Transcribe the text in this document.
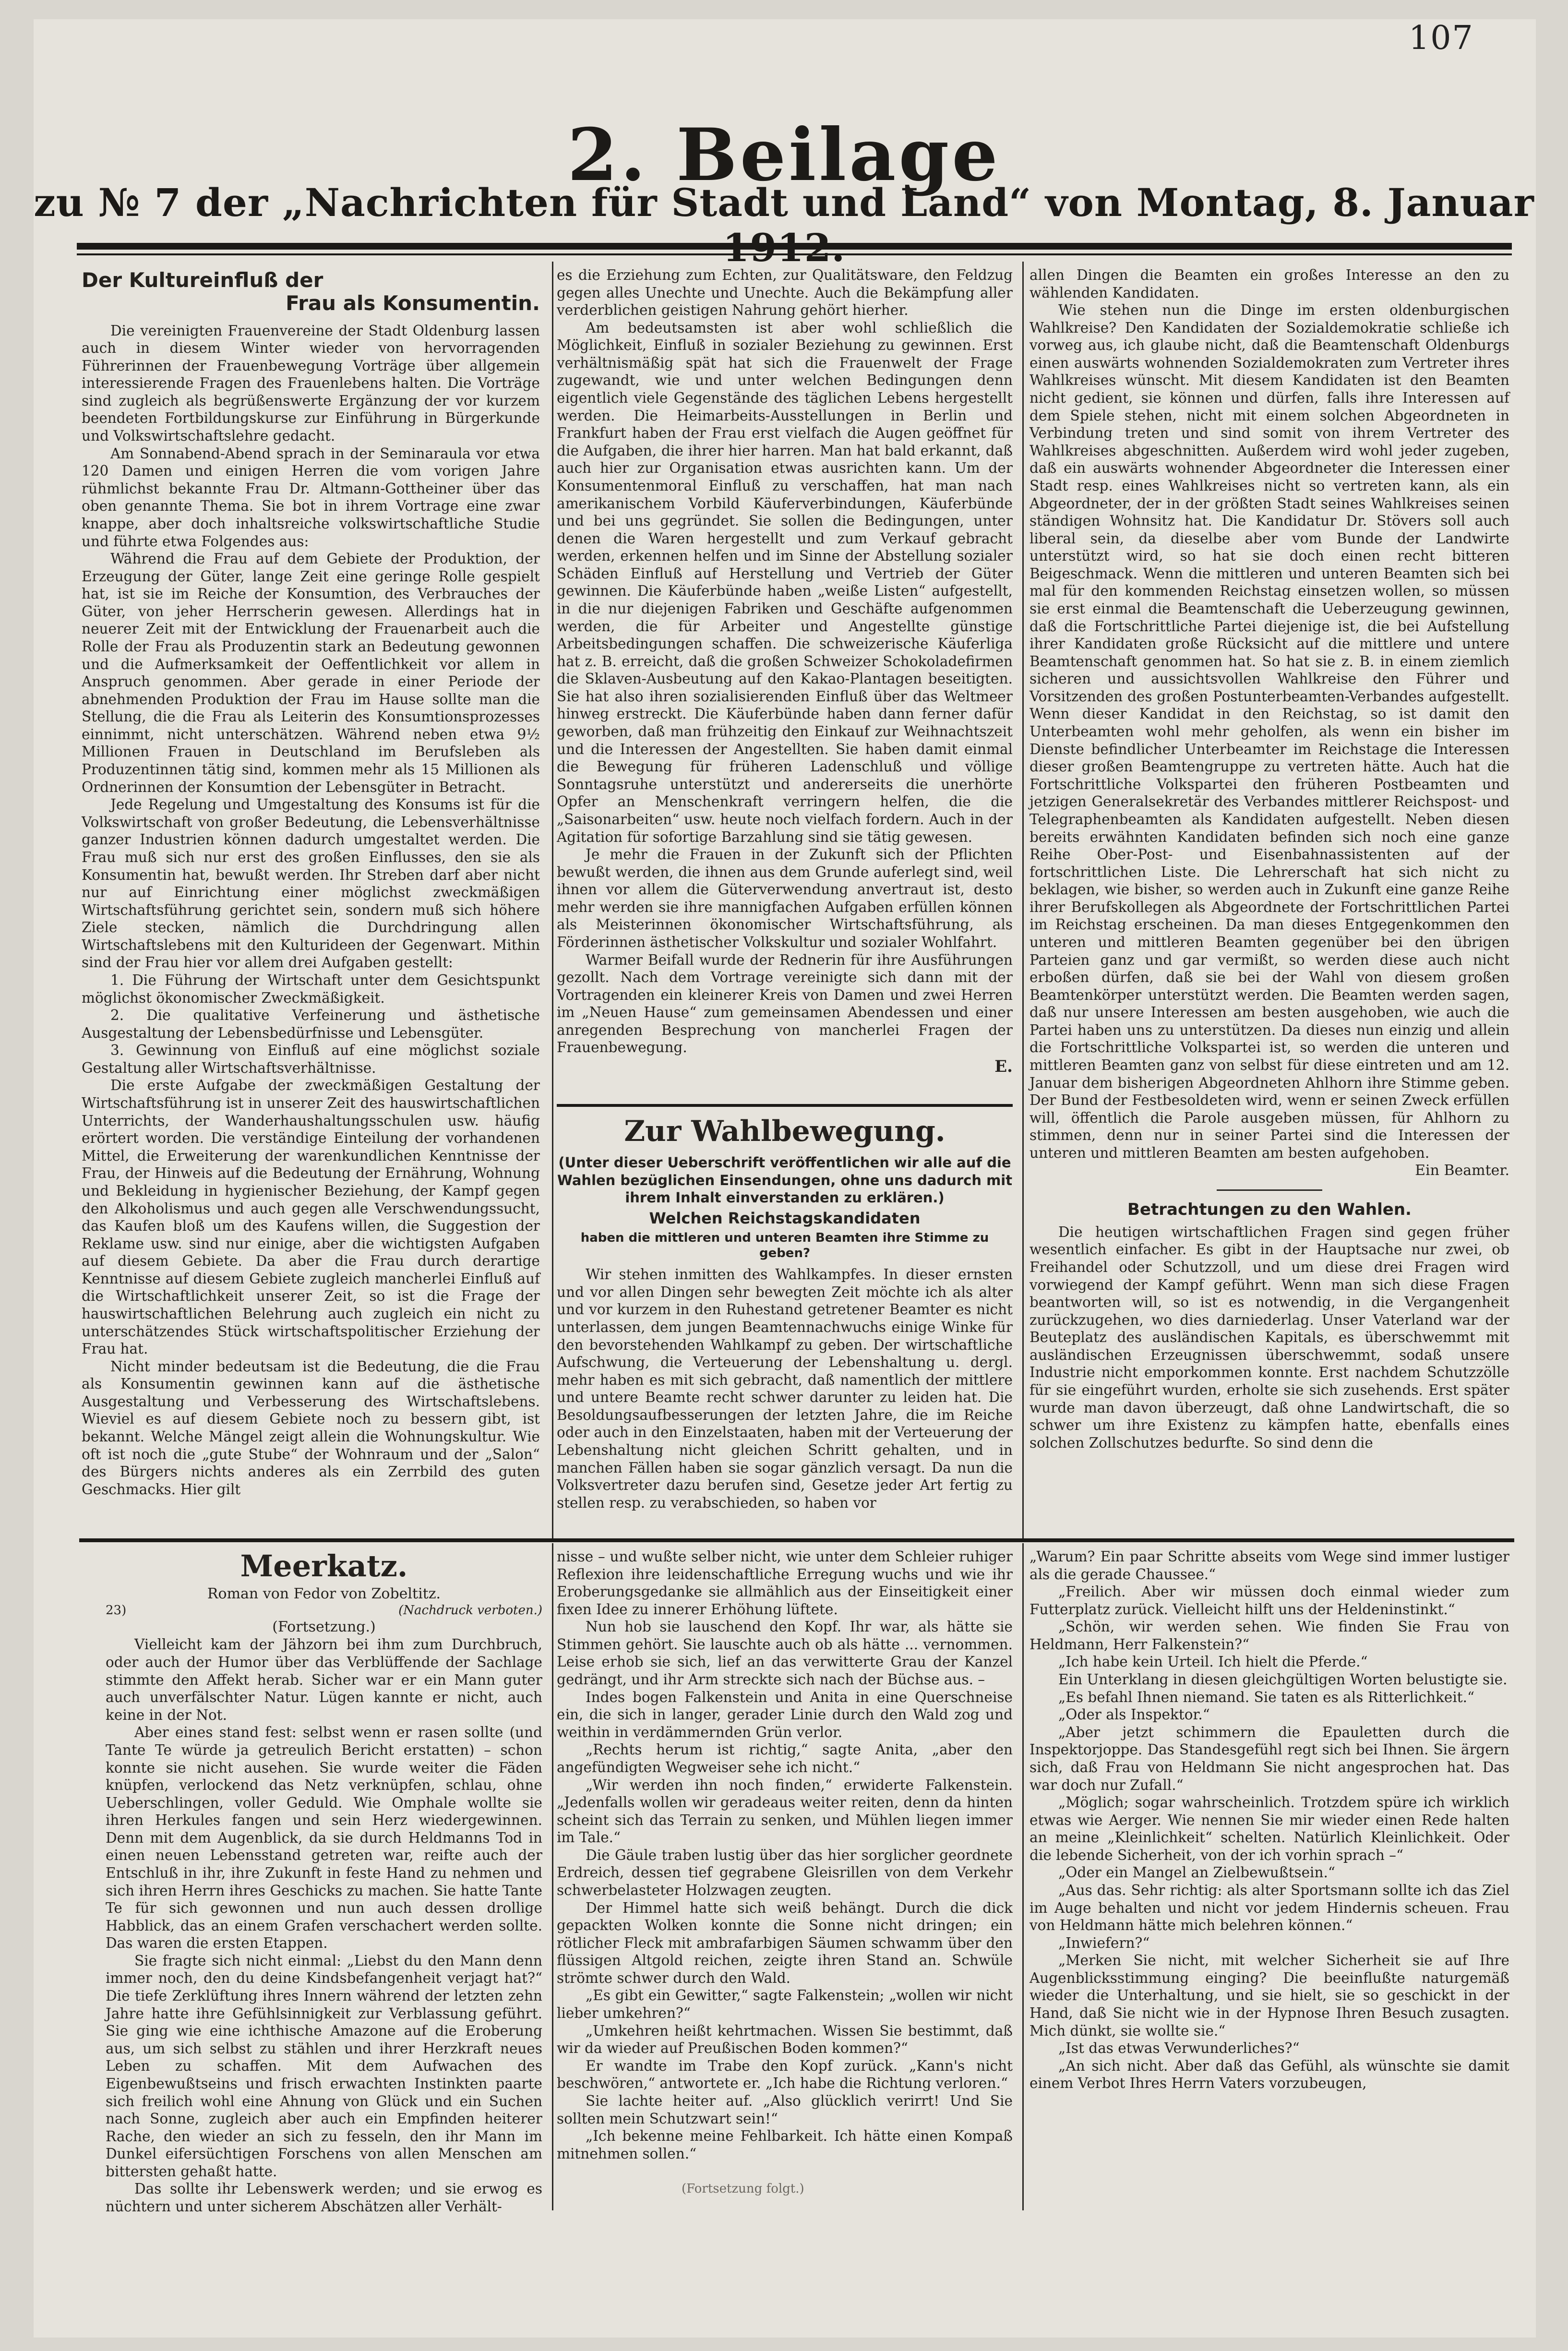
107
2. Beilage
zu № 7 der „Nachrichten für Stadt und Land“ von Montag, 8. Januar
Der Kultureinfluß der
Frau als Konsumentin.

Die vereinigten Frauenvereine der Stadt Oldenburg lassen auch in diesem Winter wieder von hervorragenden Führerinnen der Frauenbewegung Vorträge über allgemein interessierende Fragen des Frauenlebens halten. Die Vorträge sind zugleich als begrüßenswerte Ergänzung der vor kurzem beendeten Fortbildungskurse zur Einführung in Bürgerkunde und Volkswirtschaftslehre gedacht.

Am Sonnabend-Abend sprach in der Seminaraula vor etwa 120 Damen und einigen Herren die vom vorigen Jahre rühmlichst bekannte Frau Dr. Altmann-Gottheiner über das oben genannte Thema. Sie bot in ihrem Vortrage eine zwar knappe, aber doch inhaltsreiche volkswirtschaftliche Studie und führte etwa Folgendes aus:

Während die Frau auf dem Gebiete der Produktion, der Erzeugung der Güter, lange Zeit eine geringe Rolle gespielt hat, ist sie im Reiche der Konsumtion, des Verbrauches der Güter, von jeher Herrscherin gewesen. Allerdings hat in neuerer Zeit mit der Entwicklung der Frauenarbeit auch die Rolle der Frau als Produzentin stark an Bedeutung gewonnen und die Aufmerksamkeit der Oeffentlichkeit vor allem in Anspruch genommen. Aber gerade in einer Periode der abnehmenden Produktion der Frau im Hause sollte man die Stellung, die die Frau als Leiterin des Konsumtionsprozesses einnimmt, nicht unterschätzen. Während neben etwa 9½ Millionen Frauen in Deutschland im Berufsleben als Produzentinnen tätig sind, kommen mehr als 15 Millionen als Ordnerinnen der Konsumtion der Lebensgüter in Betracht.

Jede Regelung und Umgestaltung des Konsums ist für die Volkswirtschaft von großer Bedeutung, die Lebensverhältnisse ganzer Industrien können dadurch umgestaltet werden. Die Frau muß sich nur erst des großen Einflusses, den sie als Konsumentin hat, bewußt werden. Ihr Streben darf aber nicht nur auf Einrichtung einer möglichst zweckmäßigen Wirtschaftsführung gerichtet sein, sondern muß sich höhere Ziele stecken, nämlich die Durchdringung allen Wirtschaftslebens mit den Kulturideen der Gegenwart. Mithin sind der Frau hier vor allem drei Aufgaben gestellt:

1. Die Führung der Wirtschaft unter dem Gesichtspunkt möglichst ökonomischer Zweckmäßigkeit.

2. Die qualitative Verfeinerung und ästhetische Ausgestaltung der Lebensbedürfnisse und Lebensgüter.

3. Gewinnung von Einfluß auf eine möglichst soziale Gestaltung aller Wirtschaftsverhältnisse.

Die erste Aufgabe der zweckmäßigen Gestaltung der Wirtschaftsführung ist in unserer Zeit des hauswirtschaftlichen Unterrichts, der Wanderhaushaltungsschulen usw. häufig erörtert worden. Die verständige Einteilung der vorhandenen Mittel, die Erweiterung der warenkundlichen Kenntnisse der Frau, der Hinweis auf die Bedeutung der Ernährung, Wohnung und Bekleidung in hygienischer Beziehung, der Kampf gegen den Alkoholismus und auch gegen alle Verschwendungssucht, das Kaufen bloß um des Kaufens willen, die Suggestion der Reklame usw. sind nur einige, aber die wichtigsten Aufgaben auf diesem Gebiete. Da aber die Frau durch derartige Kenntnisse auf diesem Gebiete zugleich mancherlei Einfluß auf die Wirtschaftlichkeit unserer Zeit, so ist die Frage der hauswirtschaftlichen Belehrung auch zugleich ein nicht zu unterschätzendes Stück wirtschaftspolitischer Erziehung der Frau hat.

Nicht minder bedeutsam ist die Bedeutung, die die Frau als Konsumentin gewinnen kann auf die ästhetische Ausgestaltung und Verbesserung des Wirtschaftslebens. Wieviel es auf diesem Gebiete noch zu bessern gibt, ist bekannt. Welche Mängel zeigt allein die Wohnungskultur. Wie oft ist noch die „gute Stube“ der Wohnraum und der „Salon“ des Bürgers nichts anderes als ein Zerrbild des guten Geschmacks. Hier gilt

es die Erziehung zum Echten, zur Qualitätsware, den Feldzug gegen alles Unechte und Unechte. Auch die Bekämpfung aller verderblichen geistigen Nahrung gehört hierher.

Am bedeutsamsten ist aber wohl schließlich die Möglichkeit, Einfluß in sozialer Beziehung zu gewinnen. Erst verhältnismäßig spät hat sich die Frauenwelt der Frage zugewandt, wie und unter welchen Bedingungen denn eigentlich viele Gegenstände des täglichen Lebens hergestellt werden. Die Heimarbeits-Ausstellungen in Berlin und Frankfurt haben der Frau erst vielfach die Augen geöffnet für die Aufgaben, die ihrer hier harren. Man hat bald erkannt, daß auch hier zur Organisation etwas ausrichten kann. Um der Konsumentenmoral Einfluß zu verschaffen, hat man nach amerikanischem Vorbild Käuferverbindungen, Käuferbünde und bei uns gegründet. Sie sollen die Bedingungen, unter denen die Waren hergestellt und zum Verkauf gebracht werden, erkennen helfen und im Sinne der Abstellung sozialer Schäden Einfluß auf Herstellung und Vertrieb der Güter gewinnen. Die Käuferbünde haben „weiße Listen“ aufgestellt, in die nur diejenigen Fabriken und Geschäfte aufgenommen werden, die für Arbeiter und Angestellte günstige Arbeitsbedingungen schaffen. Die schweizerische Käuferliga hat z. B. erreicht, daß die großen Schweizer Schokoladefirmen die Sklaven-Ausbeutung auf den Kakao-Plantagen beseitigten. Sie hat also ihren sozialisierenden Einfluß über das Weltmeer hinweg erstreckt. Die Käuferbünde haben dann ferner dafür geworben, daß man frühzeitig den Einkauf zur Weihnachtszeit und die Interessen der Angestellten. Sie haben damit einmal die Bewegung für früheren Ladenschluß und völlige Sonntagsruhe unterstützt und andererseits die unerhörte Opfer an Menschenkraft verringern helfen, die die „Saisonarbeiten“ usw. heute noch vielfach fordern. Auch in der Agitation für sofortige Barzahlung sind sie tätig gewesen.

Je mehr die Frauen in der Zukunft sich der Pflichten bewußt werden, die ihnen aus dem Grunde auferlegt sind, weil ihnen vor allem die Güterverwendung anvertraut ist, desto mehr werden sie ihre mannigfachen Aufgaben erfüllen können als Meisterinnen ökonomischer Wirtschaftsführung, als Förderinnen ästhetischer Volkskultur und sozialer Wohlfahrt.

Warmer Beifall wurde der Rednerin für ihre Ausführungen gezollt. Nach dem Vortrage vereinigte sich dann mit der Vortragenden ein kleinerer Kreis von Damen und zwei Herren im „Neuen Hause“ zum gemeinsamen Abendessen und einer anregenden Besprechung von mancherlei Fragen der Frauenbewegung.

E.
Zur Wahlbewegung.
(Unter dieser Ueberschrift veröffentlichen wir alle auf die Wahlen bezüglichen Einsendungen, ohne uns dadurch mit ihrem Inhalt einverstanden zu erklären.)
Welchen Reichstagskandidaten
haben die mittleren und unteren Beamten ihre Stimme zu geben?

Wir stehen inmitten des Wahlkampfes. In dieser ernsten und vor allen Dingen sehr bewegten Zeit möchte ich als alter und vor kurzem in den Ruhestand getretener Beamter es nicht unterlassen, dem jungen Beamtennachwuchs einige Winke für den bevorstehenden Wahlkampf zu geben. Der wirtschaftliche Aufschwung, die Verteuerung der Lebenshaltung u. dergl. mehr haben es mit sich gebracht, daß namentlich der mittlere und untere Beamte recht schwer darunter zu leiden hat. Die Besoldungsaufbesserungen der letzten Jahre, die im Reiche oder auch in den Einzelstaaten, haben mit der Verteuerung der Lebenshaltung nicht gleichen Schritt gehalten, und in manchen Fällen haben sie sogar gänzlich versagt. Da nun die Volksvertreter dazu berufen sind, Gesetze jeder Art fertig zu stellen resp. zu verabschieden, so haben vor

allen Dingen die Beamten ein großes Interesse an den zu wählenden Kandidaten.

Wie stehen nun die Dinge im ersten oldenburgischen Wahlkreise? Den Kandidaten der Sozialdemokratie schließe ich vorweg aus, ich glaube nicht, daß die Beamtenschaft Oldenburgs einen auswärts wohnenden Sozialdemokraten zum Vertreter ihres Wahlkreises wünscht. Mit diesem Kandidaten ist den Beamten nicht gedient, sie können und dürfen, falls ihre Interessen auf dem Spiele stehen, nicht mit einem solchen Abgeordneten in Verbindung treten und sind somit von ihrem Vertreter des Wahlkreises abgeschnitten. Außerdem wird wohl jeder zugeben, daß ein auswärts wohnender Abgeordneter die Interessen einer Stadt resp. eines Wahlkreises nicht so vertreten kann, als ein Abgeordneter, der in der größten Stadt seines Wahlkreises seinen ständigen Wohnsitz hat. Die Kandidatur Dr. Stövers soll auch liberal sein, da dieselbe aber vom Bunde der Landwirte unterstützt wird, so hat sie doch einen recht bitteren Beigeschmack. Wenn die mittleren und unteren Beamten sich bei mal für den kommenden Reichstag einsetzen wollen, so müssen sie erst einmal die Beamtenschaft die Ueberzeugung gewinnen, daß die Fortschrittliche Partei diejenige ist, die bei Aufstellung ihrer Kandidaten große Rücksicht auf die mittlere und untere Beamtenschaft genommen hat. So hat sie z. B. in einem ziemlich sicheren und aussichtsvollen Wahlkreise den Führer und Vorsitzenden des großen Postunterbeamten-Verbandes aufgestellt. Wenn dieser Kandidat in den Reichstag, so ist damit den Unterbeamten wohl mehr geholfen, als wenn ein bisher im Dienste befindlicher Unterbeamter im Reichstage die Interessen dieser großen Beamtengruppe zu vertreten hätte. Auch hat die Fortschrittliche Volkspartei den früheren Postbeamten und jetzigen Generalsekretär des Verbandes mittlerer Reichspost- und Telegraphenbeamten als Kandidaten aufgestellt. Neben diesen bereits erwähnten Kandidaten befinden sich noch eine ganze Reihe Ober-Post- und Eisenbahnassistenten auf der fortschrittlichen Liste. Die Lehrerschaft hat sich nicht zu beklagen, wie bisher, so werden auch in Zukunft eine ganze Reihe ihrer Berufskollegen als Abgeordnete der Fortschrittlichen Partei im Reichstag erscheinen. Da man dieses Entgegenkommen den unteren und mittleren Beamten gegenüber bei den übrigen Parteien ganz und gar vermißt, so werden diese auch nicht erboßen dürfen, daß sie bei der Wahl von diesem großen Beamtenkörper unterstützt werden. Die Beamten werden sagen, daß nur unsere Interessen am besten ausgehoben, wie auch die Partei haben uns zu unterstützen. Da dieses nun einzig und allein die Fortschrittliche Volkspartei ist, so werden die unteren und mittleren Beamten ganz von selbst für diese eintreten und am 12. Januar dem bisherigen Abgeordneten Ahlhorn ihre Stimme geben. Der Bund der Festbesoldeten wird, wenn er seinen Zweck erfüllen will, öffentlich die Parole ausgeben müssen, für Ahlhorn zu stimmen, denn nur in seiner Partei sind die Interessen der unteren und mittleren Beamten am besten aufgehoben.

Ein Beamter.
Betrachtungen zu den Wahlen.

Die heutigen wirtschaftlichen Fragen sind gegen früher wesentlich einfacher. Es gibt in der Hauptsache nur zwei, ob Freihandel oder Schutzzoll, und um diese drei Fragen wird vorwiegend der Kampf geführt. Wenn man sich diese Fragen beantworten will, so ist es notwendig, in die Vergangenheit zurückzugehen, wo dies darniederlag. Unser Vaterland war der Beuteplatz des ausländischen Kapitals, es überschwemmt mit ausländischen Erzeugnissen überschwemmt, sodaß unsere Industrie nicht emporkommen konnte. Erst nachdem Schutzzölle für sie eingeführt wurden, erholte sie sich zusehends. Erst später wurde man davon überzeugt, daß ohne Landwirtschaft, die so schwer um ihre Existenz zu kämpfen hatte, ebenfalls eines solchen Zollschutzes bedurfte. So sind denn die

Meerkatz.
Roman von Fedor von Zobeltitz.
23)	(Nachdruck verboten.)
(Fortsetzung.)

Vielleicht kam der Jähzorn bei ihm zum Durchbruch, oder auch der Humor über das Verblüffende der Sachlage stimmte den Affekt herab. Sicher war er ein Mann guter auch unverfälschter Natur. Lügen kannte er nicht, auch keine in der Not.

Aber eines stand fest: selbst wenn er rasen sollte (und Tante Te würde ja getreulich Bericht erstatten) – schon konnte sie nicht ausehen. Sie wurde weiter die Fäden knüpfen, verlockend das Netz verknüpfen, schlau, ohne Ueberschlingen, voller Geduld. Wie Omphale wollte sie ihren Herkules fangen und sein Herz wiedergewinnen. Denn mit dem Augenblick, da sie durch Heldmanns Tod in einen neuen Lebensstand getreten war, reifte auch der Entschluß in ihr, ihre Zukunft in feste Hand zu nehmen und sich ihren Herrn ihres Geschicks zu machen. Sie hatte Tante Te für sich gewonnen und nun auch dessen drollige Habblick, das an einem Grafen verschachert werden sollte. Das waren die ersten Etappen.

Sie fragte sich nicht einmal: „Liebst du den Mann denn immer noch, den du deine Kindsbefangenheit verjagt hat?“ Die tiefe Zerklüftung ihres Innern während der letzten zehn Jahre hatte ihre Gefühlsinnigkeit zur Verblassung geführt. Sie ging wie eine ichthische Amazone auf die Eroberung aus, um sich selbst zu stählen und ihrer Herzkraft neues Leben zu schaffen. Mit dem Aufwachen des Eigenbewußtseins und frisch erwachten Instinkten paarte sich freilich wohl eine Ahnung von Glück und ein Suchen nach Sonne, zugleich aber auch ein Empfinden heiterer Rache, den wieder an sich zu fesseln, den ihr Mann im Dunkel eifersüchtigen Forschens von allen Menschen am bittersten gehaßt hatte.

Das sollte ihr Lebenswerk werden; und sie erwog es nüchtern und unter sicherem Abschätzen aller Verhält-

nisse – und wußte selber nicht, wie unter dem Schleier ruhiger Reflexion ihre leidenschaftliche Erregung wuchs und wie ihr Eroberungsgedanke sie allmählich aus der Einseitigkeit einer fixen Idee zu innerer Erhöhung lüftete.

Nun hob sie lauschend den Kopf. Ihr war, als hätte sie Stimmen gehört. Sie lauschte auch ob als hätte ... vernommen. Leise erhob sie sich, lief an das verwitterte Grau der Kanzel gedrängt, und ihr Arm streckte sich nach der Büchse aus. –

Indes bogen Falkenstein und Anita in eine Querschneise ein, die sich in langer, gerader Linie durch den Wald zog und weithin in verdämmernden Grün verlor.

„Rechts herum ist richtig,“ sagte Anita, „aber den angefündigten Wegweiser sehe ich nicht.“

„Wir werden ihn noch finden,“ erwiderte Falkenstein. „Jedenfalls wollen wir geradeaus weiter reiten, denn da hinten scheint sich das Terrain zu senken, und Mühlen liegen immer im Tale.“

Die Gäule traben lustig über das hier sorglicher geordnete Erdreich, dessen tief gegrabene Gleisrillen von dem Verkehr schwerbelasteter Holzwagen zeugten.

Der Himmel hatte sich weiß behängt. Durch die dick gepackten Wolken konnte die Sonne nicht dringen; ein rötlicher Fleck mit ambrafarbigen Säumen schwamm über den flüssigen Altgold reichen, zeigte ihren Stand an. Schwüle strömte schwer durch den Wald.

„Es gibt ein Gewitter,“ sagte Falkenstein; „wollen wir nicht lieber umkehren?“

„Umkehren heißt kehrtmachen. Wissen Sie bestimmt, daß wir da wieder auf Preußischen Boden kommen?“

Er wandte im Trabe den Kopf zurück. „Kann's nicht beschwören,“ antwortete er. „Ich habe die Richtung verloren.“

Sie lachte heiter auf. „Also glücklich verirrt! Und Sie sollten mein Schutzwart sein!“

„Ich bekenne meine Fehlbarkeit. Ich hätte einen Kompaß mitnehmen sollen.“

„Warum? Ein paar Schritte abseits vom Wege sind immer lustiger als die gerade Chaussee.“

„Freilich. Aber wir müssen doch einmal wieder zum Futterplatz zurück. Vielleicht hilft uns der Heldeninstinkt.“

„Schön, wir werden sehen. Wie finden Sie Frau von Heldmann, Herr Falkenstein?“

„Ich habe kein Urteil. Ich hielt die Pferde.“

Ein Unterklang in diesen gleichgültigen Worten belustigte sie.

„Es befahl Ihnen niemand. Sie taten es als Ritterlichkeit.“

„Oder als Inspektor.“

„Aber jetzt schimmern die Epauletten durch die Inspektorjoppe. Das Standesgefühl regt sich bei Ihnen. Sie ärgern sich, daß Frau von Heldmann Sie nicht angesprochen hat. Das war doch nur Zufall.“

„Möglich; sogar wahrscheinlich. Trotzdem spüre ich wirklich etwas wie Aerger. Wie nennen Sie mir wieder einen Rede halten an meine „Kleinlichkeit“ schelten. Natürlich Kleinlichkeit. Oder die lebende Sicherheit, von der ich vorhin sprach –“

„Oder ein Mangel an Zielbewußtsein.“

„Aus das. Sehr richtig: als alter Sportsmann sollte ich das Ziel im Auge behalten und nicht vor jedem Hindernis scheuen. Frau von Heldmann hätte mich belehren können.“

„Inwiefern?“

„Merken Sie nicht, mit welcher Sicherheit sie auf Ihre Augenblicksstimmung einging? Die beeinflußte naturgemäß wieder die Unterhaltung, und sie hielt, sie so geschickt in der Hand, daß Sie nicht wie in der Hypnose Ihren Besuch zusagten. Mich dünkt, sie wollte sie.“

„Ist das etwas Verwunderliches?“

„An sich nicht. Aber daß das Gefühl, als wünschte sie damit einem Verbot Ihres Herrn Vaters vorzubeugen,

(Fortsetzung folgt.)
